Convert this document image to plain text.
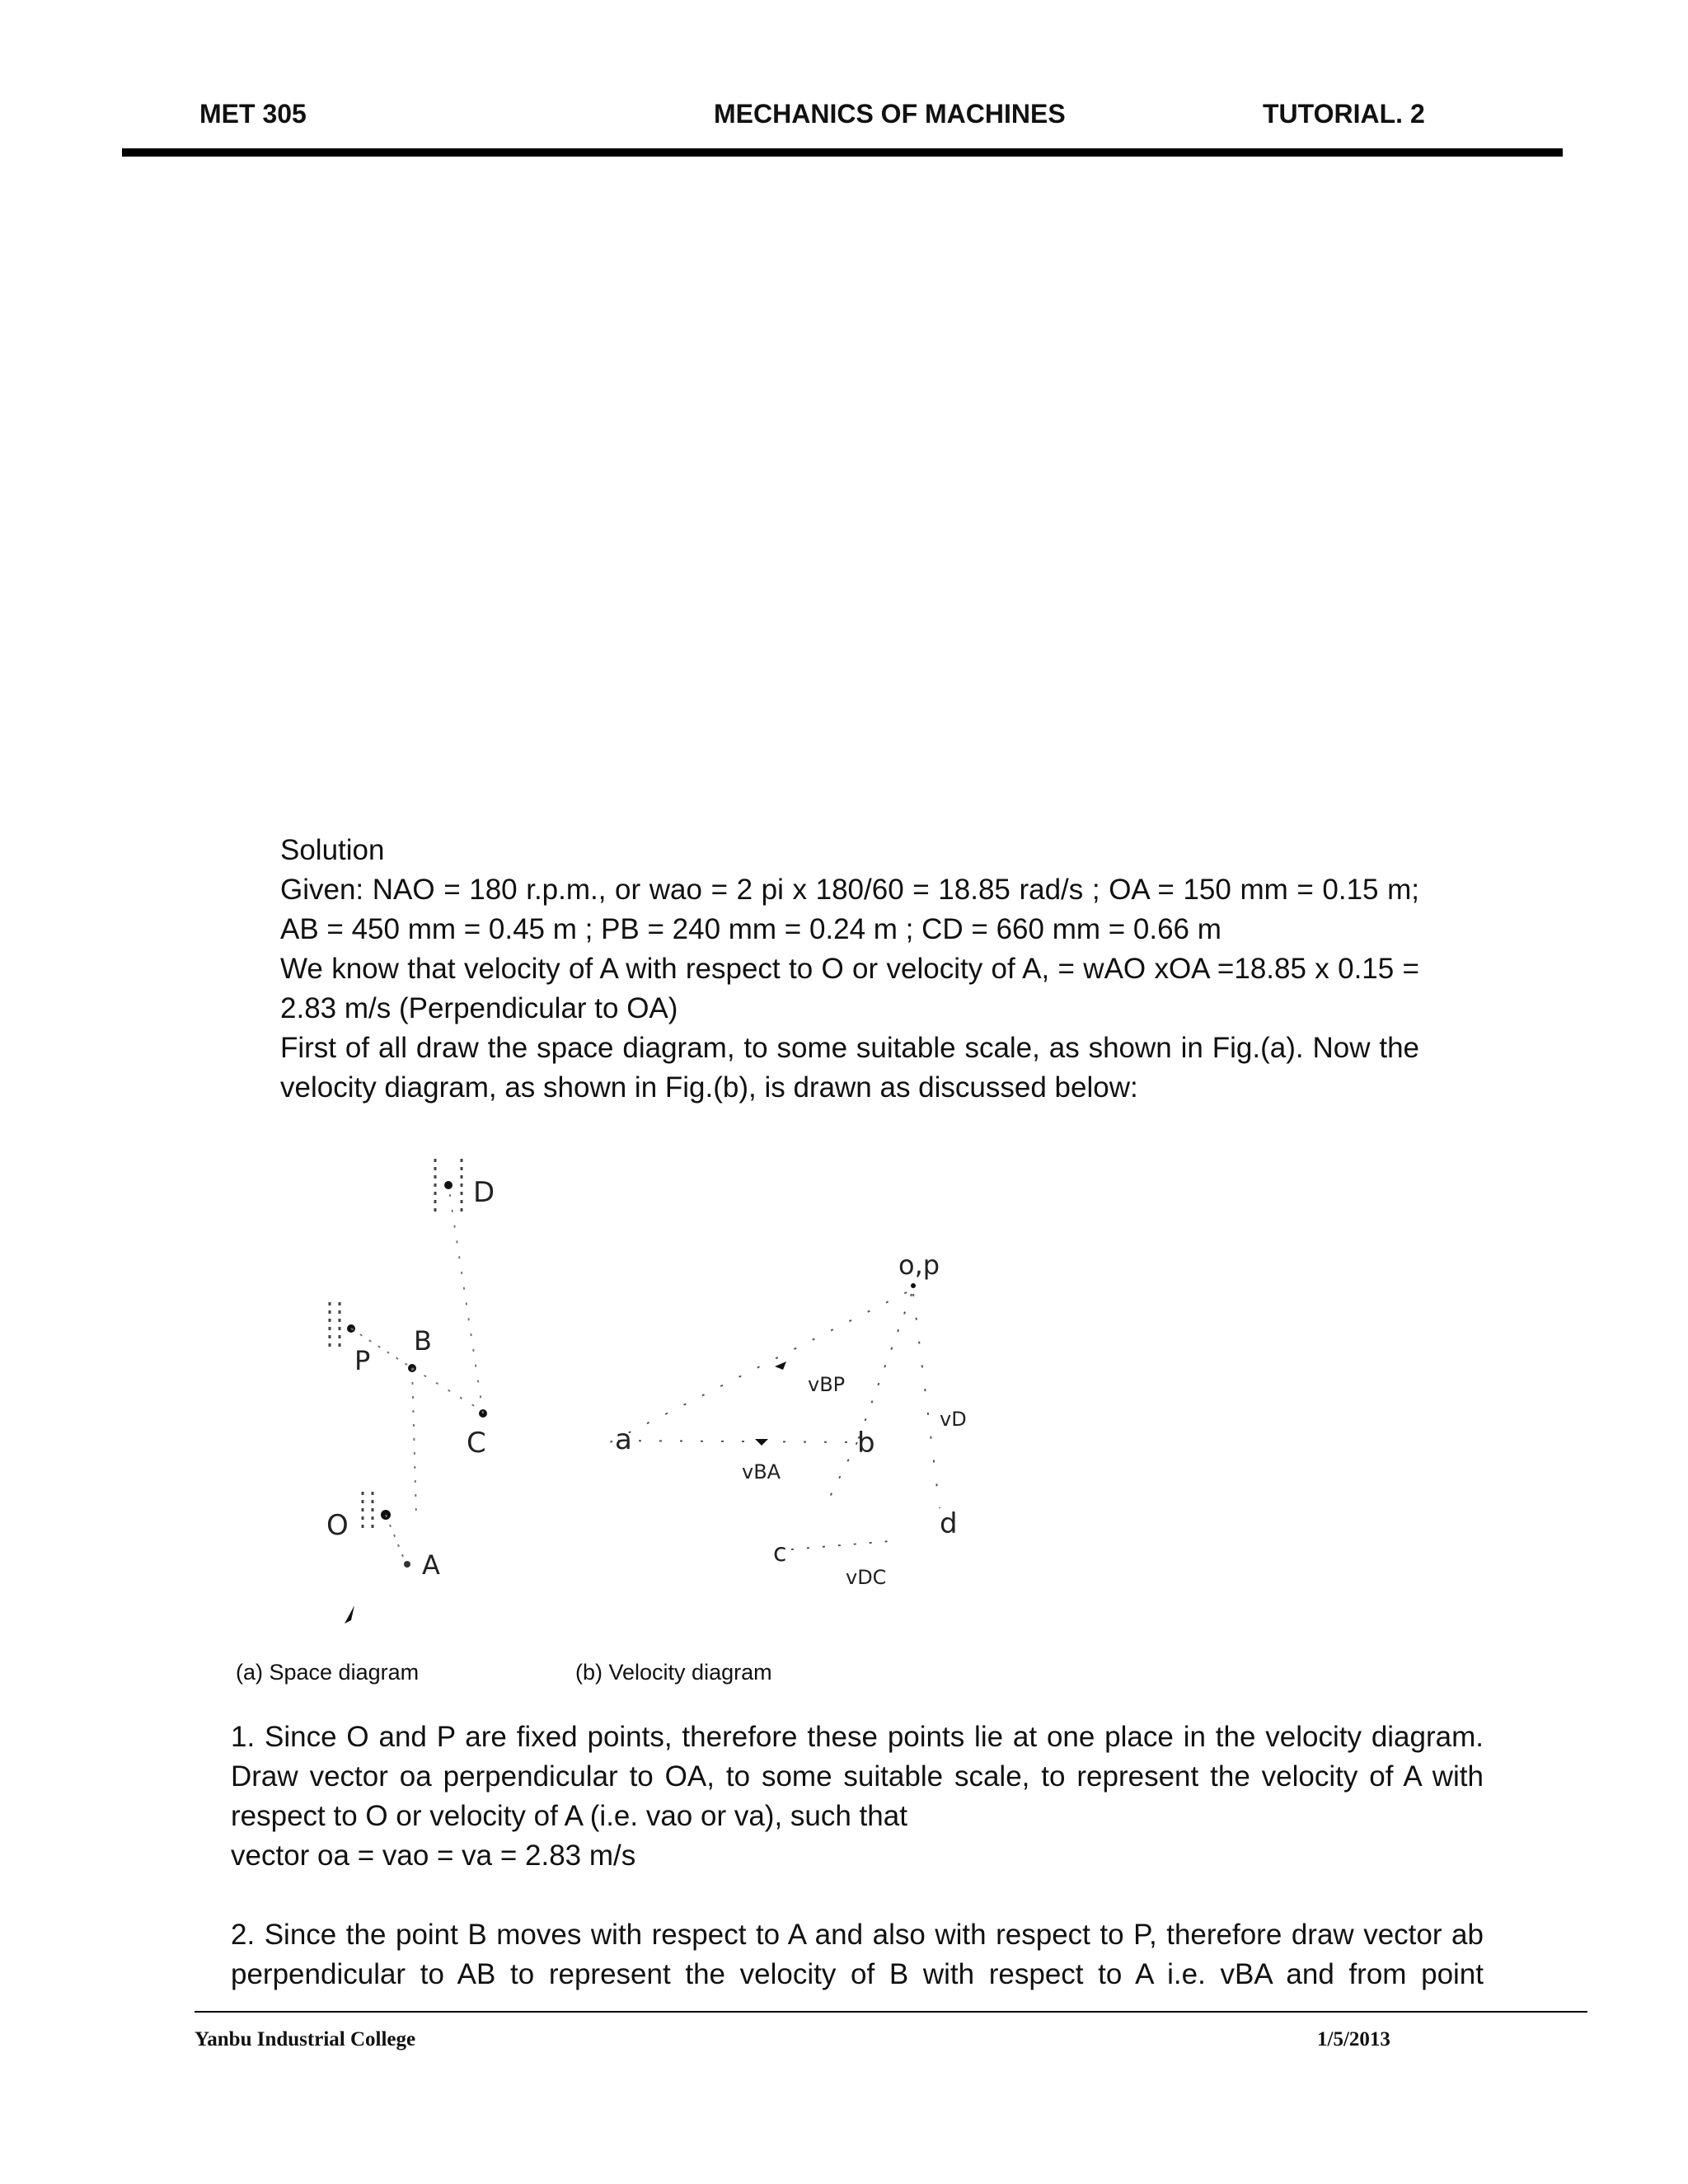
MET 305	MECHANICS OF MACHINES	TUTORIAL. 2

Solution

Given: NAO = 180 r.p.m., or wao = 2 pi x 180/60 = 18.85 rad/s ; OA = 150 mm = 0.15 m; AB = 450 mm = 0.45 m ; PB = 240 mm = 0.24 m ; CD = 660 mm = 0.66 m

We know that velocity of A with respect to O or velocity of A, = wAO xOA =18.85 x 0.15 = 2.83 m/s (Perpendicular to OA)

First of all draw the space diagram, to some suitable scale, as shown in Fig.(a). Now the velocity diagram, as shown in Fig.(b), is drawn as discussed below:

D
P
B
C
O
A
o,p
a	b
c
d
vBP
vBA
vD
vDC
(a) Space diagram	(b) Velocity diagram

1. Since O and P are fixed points, therefore these points lie at one place in the velocity diagram. Draw vector oa perpendicular to OA, to some suitable scale, to represent the velocity of A with respect to O or velocity of A (i.e. vao or va), such that

vector oa = vao = va = 2.83 m/s

2. Since the point B moves with respect to A and also with respect to P, therefore draw vector ab perpendicular to AB to represent the velocity of B with respect to A i.e. vBA and from point

Yanbu Industrial College	1/5/2013
